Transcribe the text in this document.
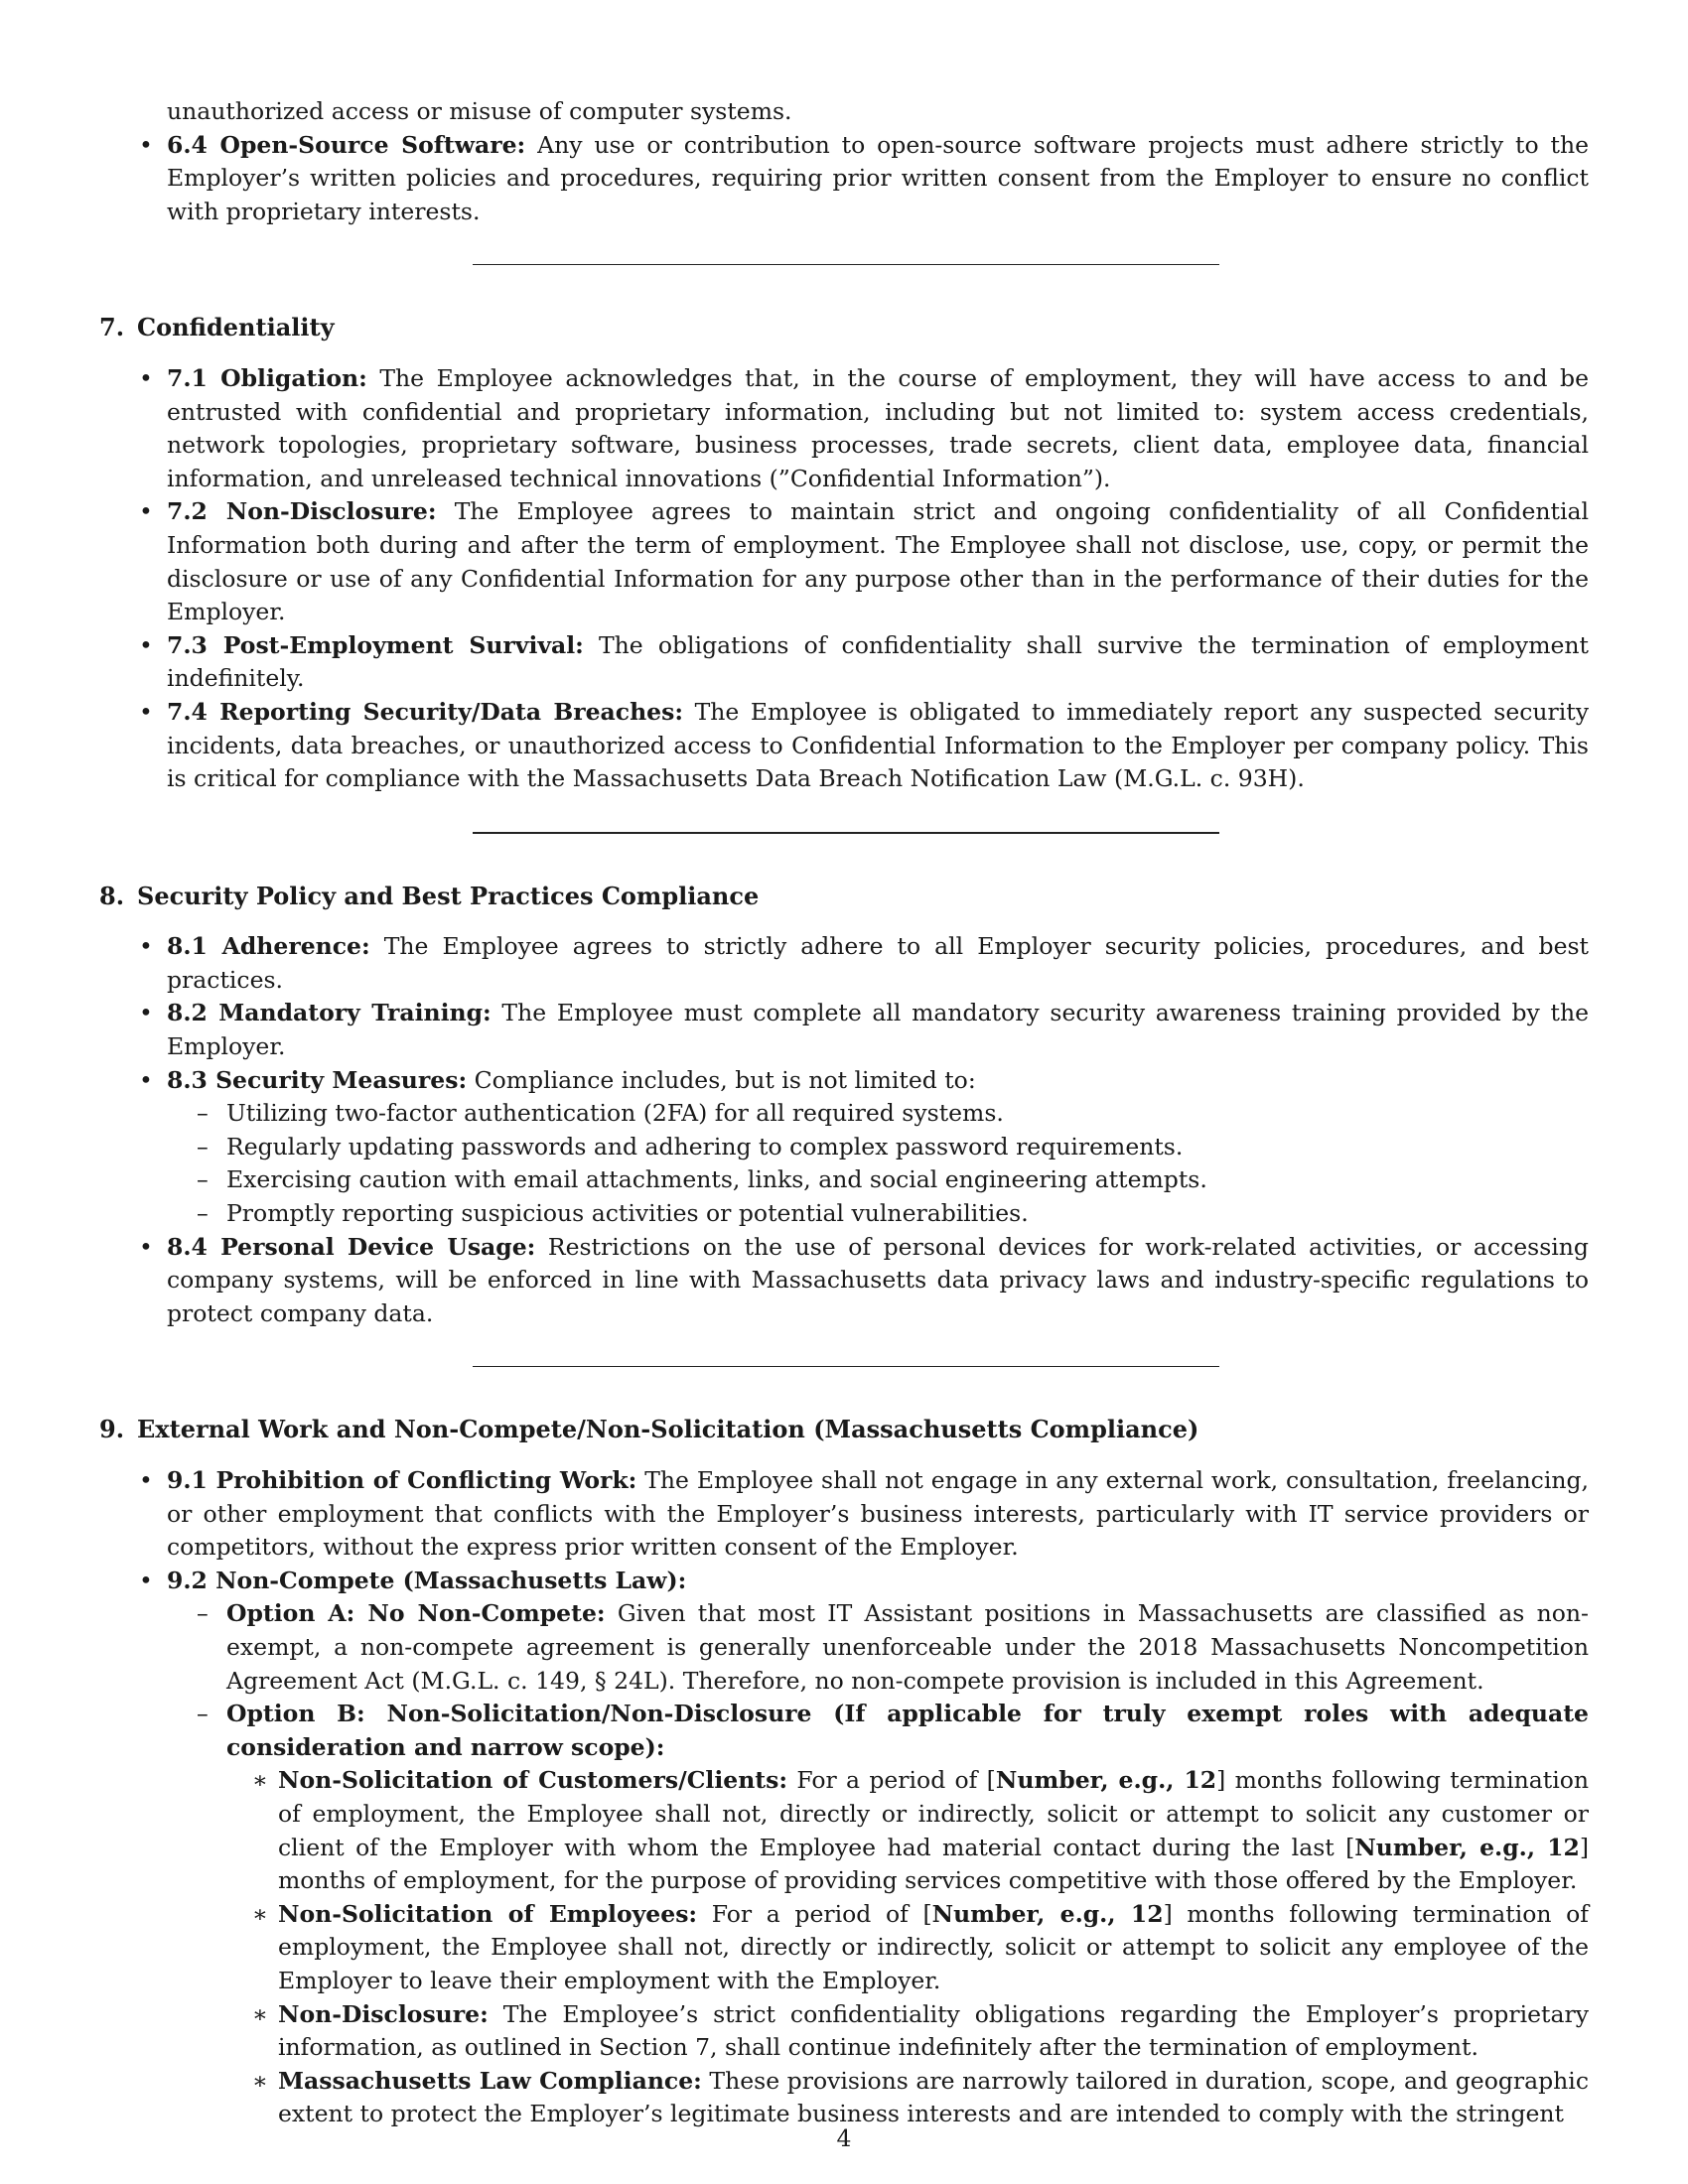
unauthorized access or misuse of computer systems.

• 6.4 Open-Source Software: Any use or contribution to open-source software projects must adhere strictly to the Employer’s written policies and procedures, requiring prior written consent from the Employer to ensure no conflict with proprietary interests.
7. Confidentiality
• 7.1 Obligation: The Employee acknowledges that, in the course of employment, they will have access to and be entrusted with confidential and proprietary information, including but not limited to: system access credentials, network topologies, proprietary software, business processes, trade secrets, client data, employee data, financial information, and unreleased technical innovations (”Confidential Information”).
• 7.2 Non-Disclosure: The Employee agrees to maintain strict and ongoing confidentiality of all Confidential Information both during and after the term of employment. The Employee shall not disclose, use, copy, or permit the disclosure or use of any Confidential Information for any purpose other than in the performance of their duties for the Employer.
• 7.3 Post-Employment Survival: The obligations of confidentiality shall survive the termination of employment indefinitely.
• 7.4 Reporting Security/Data Breaches: The Employee is obligated to immediately report any suspected security incidents, data breaches, or unauthorized access to Confidential Information to the Employer per company policy. This is critical for compliance with the Massachusetts Data Breach Notification Law (M.G.L. c. 93H).
8. Security Policy and Best Practices Compliance
• 8.1 Adherence: The Employee agrees to strictly adhere to all Employer security policies, procedures, and best practices.
• 8.2 Mandatory Training: The Employee must complete all mandatory security awareness training provided by the Employer.
• 8.3 Security Measures: Compliance includes, but is not limited to:
– Utilizing two-factor authentication (2FA) for all required systems.
– Regularly updating passwords and adhering to complex password requirements.
– Exercising caution with email attachments, links, and social engineering attempts.
– Promptly reporting suspicious activities or potential vulnerabilities.
• 8.4 Personal Device Usage: Restrictions on the use of personal devices for work-related activities, or accessing company systems, will be enforced in line with Massachusetts data privacy laws and industry-specific regulations to protect company data.
9. External Work and Non-Compete/Non-Solicitation (Massachusetts Compliance)
• 9.1 Prohibition of Conflicting Work: The Employee shall not engage in any external work, consultation, freelancing, or other employment that conflicts with the Employer’s business interests, particularly with IT service providers or competitors, without the express prior written consent of the Employer.
• 9.2 Non-Compete (Massachusetts Law):
– Option A: No Non-Compete: Given that most IT Assistant positions in Massachusetts are classified as non-exempt, a non-compete agreement is generally unenforceable under the 2018 Massachusetts Noncompetition Agreement Act (M.G.L. c. 149, § 24L). Therefore, no non-compete provision is included in this Agreement.
– Option B: Non-Solicitation/Non-Disclosure (If applicable for truly exempt roles with adequate consideration and narrow scope):
∗ Non-Solicitation of Customers/Clients: For a period of [Number, e.g., 12] months following termination of employment, the Employee shall not, directly or indirectly, solicit or attempt to solicit any customer or client of the Employer with whom the Employee had material contact during the last [Number, e.g., 12] months of employment, for the purpose of providing services competitive with those offered by the Employer.
∗ Non-Solicitation of Employees: For a period of [Number, e.g., 12] months following termination of employment, the Employee shall not, directly or indirectly, solicit or attempt to solicit any employee of the Employer to leave their employment with the Employer.
∗ Non-Disclosure: The Employee’s strict confidentiality obligations regarding the Employer’s proprietary information, as outlined in Section 7, shall continue indefinitely after the termination of employment.
∗ Massachusetts Law Compliance: These provisions are narrowly tailored in duration, scope, and geographic extent to protect the Employer’s legitimate business interests and are intended to comply with the stringent
4
